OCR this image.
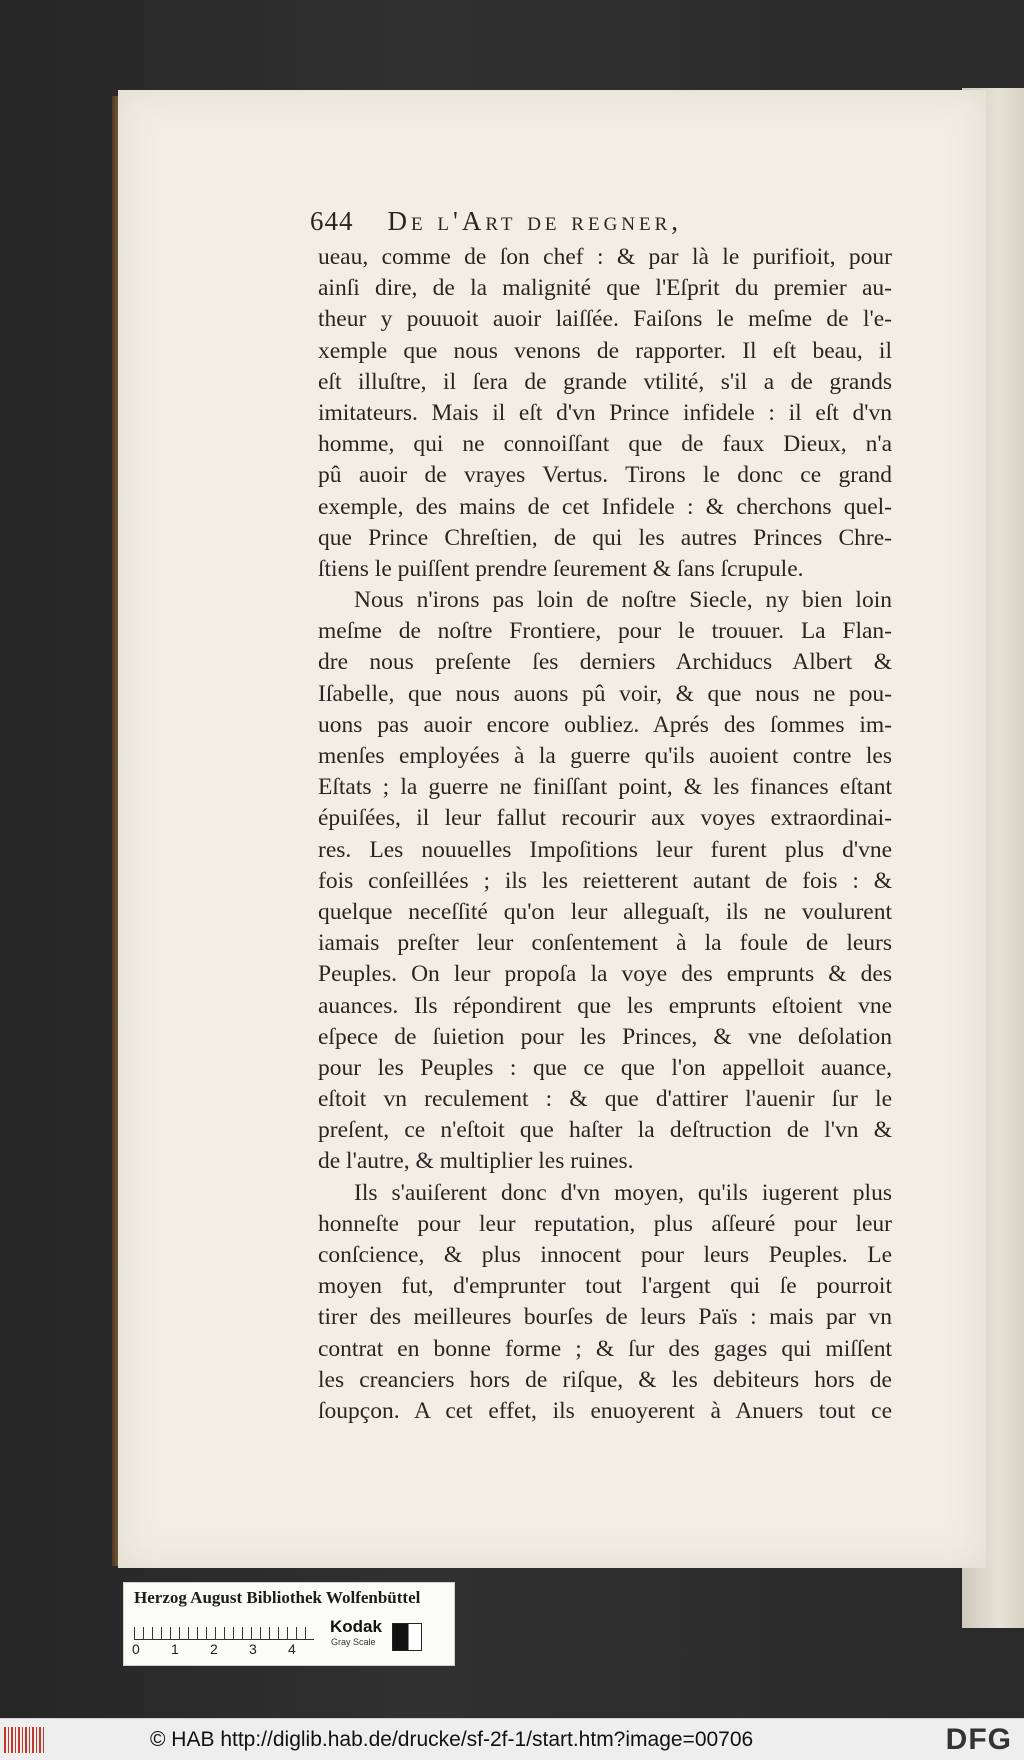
644 De l'Art de regner,
ueau, comme de ſon chef : & par là le purifioit, pour
ainſi dire, de la malignité que l'Eſprit du premier au-
theur y pouuoit auoir laiſſée. Faiſons le meſme de l'e-
xemple que nous venons de rapporter. Il eſt beau, il
eſt illuſtre, il ſera de grande vtilité, s'il a de grands
imitateurs. Mais il eſt d'vn Prince infidele : il eſt d'vn
homme, qui ne connoiſſant que de faux Dieux, n'a
pû auoir de vrayes Vertus. Tirons le donc ce grand
exemple, des mains de cet Infidele : & cherchons quel-
que Prince Chreſtien, de qui les autres Princes Chre-
ſtiens le puiſſent prendre ſeurement & ſans ſcrupule.
Nous n'irons pas loin de noſtre Siecle, ny bien loin
meſme de noſtre Frontiere, pour le trouuer. La Flan-
dre nous preſente ſes derniers Archiducs Albert &
Iſabelle, que nous auons pû voir, & que nous ne pou-
uons pas auoir encore oubliez. Aprés des ſommes im-
menſes employées à la guerre qu'ils auoient contre les
Eſtats ; la guerre ne finiſſant point, & les finances eſtant
épuiſées, il leur fallut recourir aux voyes extraordinai-
res. Les nouuelles Impoſitions leur furent plus d'vne
fois conſeillées ; ils les reietterent autant de fois : &
quelque neceſſité qu'on leur alleguaſt, ils ne voulurent
iamais preſter leur conſentement à la foule de leurs
Peuples. On leur propoſa la voye des emprunts & des
auances. Ils répondirent que les emprunts eſtoient vne
eſpece de ſuietion pour les Princes, & vne deſolation
pour les Peuples : que ce que l'on appelloit auance,
eſtoit vn reculement : & que d'attirer l'auenir ſur le
preſent, ce n'eſtoit que haſter la deſtruction de l'vn &
de l'autre, & multiplier les ruines.
Ils s'auiſerent donc d'vn moyen, qu'ils iugerent plus
honneſte pour leur reputation, plus aſſeuré pour leur
conſcience, & plus innocent pour leurs Peuples. Le
moyen fut, d'emprunter tout l'argent qui ſe pourroit
tirer des meilleures bourſes de leurs Païs : mais par vn
contrat en bonne forme ; & ſur des gages qui miſſent
les creanciers hors de riſque, & les debiteurs hors de
ſoupçon. A cet effet, ils enuoyerent à Anuers tout ce
Herzog August Bibliothek Wolfenbüttel
0 1 2 3 4
Kodak
Gray Scale
© HAB http://diglib.hab.de/drucke/sf-2f-1/start.htm?image=00706	DFG
